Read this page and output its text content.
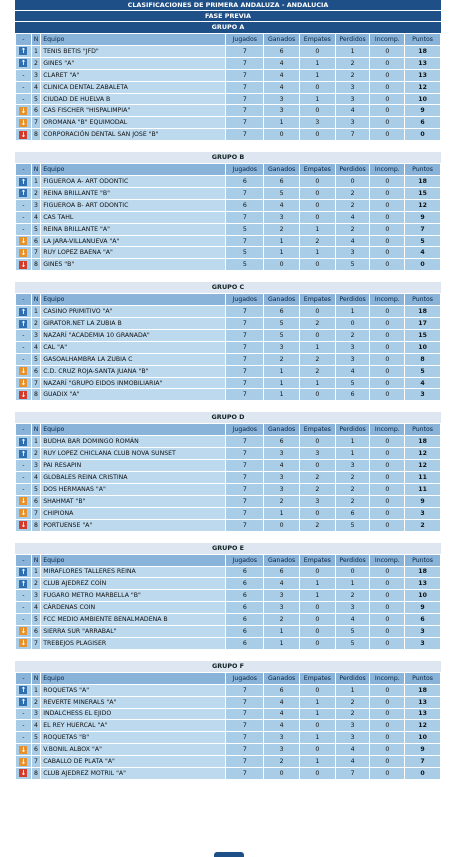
CLASIFICACIONES DE PRIMERA ANDALUZA - ANDALUCIA
FASE PREVIA
GRUPO A
-	N	Equipo	Jugados	Ganados	Empates	Perdidos	Incomp.	Puntos
↑	1	TENIS BETIS "JFD"	7	6	0	1	0	18
↑	2	GINES "A"	7	4	1	2	0	13
-	3	CLARET "A"	7	4	1	2	0	13
-	4	CLINICA DENTAL ZABALETA	7	4	0	3	0	12
-	5	CIUDAD DE HUELVA B	7	3	1	3	0	10
↓	6	CAS FISCHER "HISPALIMPIA"	7	3	0	4	0	9
↓	7	OROMANA "B" EQUIMODAL	7	1	3	3	0	6
↓	8	CORPORACIÓN DENTAL SAN JOSE "B"	7	0	0	7	0	0
GRUPO B
-	N	Equipo	Jugados	Ganados	Empates	Perdidos	Incomp.	Puntos
↑	1	FIGUEROA A- ART ODONTIC	6	6	0	0	0	18
↑	2	REINA BRILLANTE "B"	7	5	0	2	0	15
-	3	FIGUEROA B- ART ODONTIC	6	4	0	2	0	12
-	4	CAS TAHL	7	3	0	4	0	9
-	5	REINA BRILLANTE "A"	5	2	1	2	0	7
↓	6	LA JARA-VILLANUEVA "A"	7	1	2	4	0	5
↓	7	RUY LOPEZ BAENA "A"	5	1	1	3	0	4
↓	8	GINES "B"	5	0	0	5	0	0
GRUPO C
-	N	Equipo	Jugados	Ganados	Empates	Perdidos	Incomp.	Puntos
↑	1	CASINO PRIMITIVO "A"	7	6	0	1	0	18
↑	2	GIRATOR.NET LA ZUBIA B	7	5	2	0	0	17
-	3	NAZARÍ "ACADEMIA 10 GRANADA"	7	5	0	2	0	15
-	4	CAL "A"	7	3	1	3	0	10
-	5	GASOALHAMBRA LA ZUBIA C	7	2	2	3	0	8
↓	6	C.D. CRUZ ROJA-SANTA JUANA "B"	7	1	2	4	0	5
↓	7	NAZARÍ "GRUPO EIDOS INMOBILIARIA"	7	1	1	5	0	4
↓	8	GUADIX "A"	7	1	0	6	0	3
GRUPO D
-	N	Equipo	Jugados	Ganados	Empates	Perdidos	Incomp.	Puntos
↑	1	BUDHA BAR DOMINGO ROMÁN	7	6	0	1	0	18
↑	2	RUY LOPEZ CHICLANA CLUB NOVA SUNSET	7	3	3	1	0	12
-	3	PAI RESAPIN	7	4	0	3	0	12
-	4	GLOBALES REINA CRISTINA	7	3	2	2	0	11
-	5	DOS HERMANAS "A"	7	3	2	2	0	11
↓	6	SHAHMAT "B"	7	2	3	2	0	9
↓	7	CHIPIONA	7	1	0	6	0	3
↓	8	PORTUENSE "A"	7	0	2	5	0	2
GRUPO E
-	N	Equipo	Jugados	Ganados	Empates	Perdidos	Incomp.	Puntos
↑	1	MIRAFLORES TALLERES REINA	6	6	0	0	0	18
↑	2	CLUB AJEDREZ COÍN	6	4	1	1	0	13
-	3	FUGARO METRO MARBELLA "B"	6	3	1	2	0	10
-	4	CÁRDENAS COIN	6	3	0	3	0	9
-	5	FCC MEDIO AMBIENTE BENALMADENA B	6	2	0	4	0	6
↓	6	SIERRA SUR "ARRABAL"	6	1	0	5	0	3
↓	7	TREBEJOS PLAGISER	6	1	0	5	0	3
GRUPO F
-	N	Equipo	Jugados	Ganados	Empates	Perdidos	Incomp.	Puntos
↑	1	ROQUETAS "A"	7	6	0	1	0	18
↑	2	REVERTE MINERALS "A"	7	4	1	2	0	13
-	3	INDALCHESS EL EJIDO	7	4	1	2	0	13
-	4	EL REY HUERCAL "A"	7	4	0	3	0	12
-	5	ROQUETAS "B"	7	3	1	3	0	10
↓	6	V.BONIL ALBOX "A"	7	3	0	4	0	9
↓	7	CABALLO DE PLATA "A"	7	2	1	4	0	7
↓	8	CLUB AJEDREZ MOTRIL "A"	7	0	0	7	0	0
